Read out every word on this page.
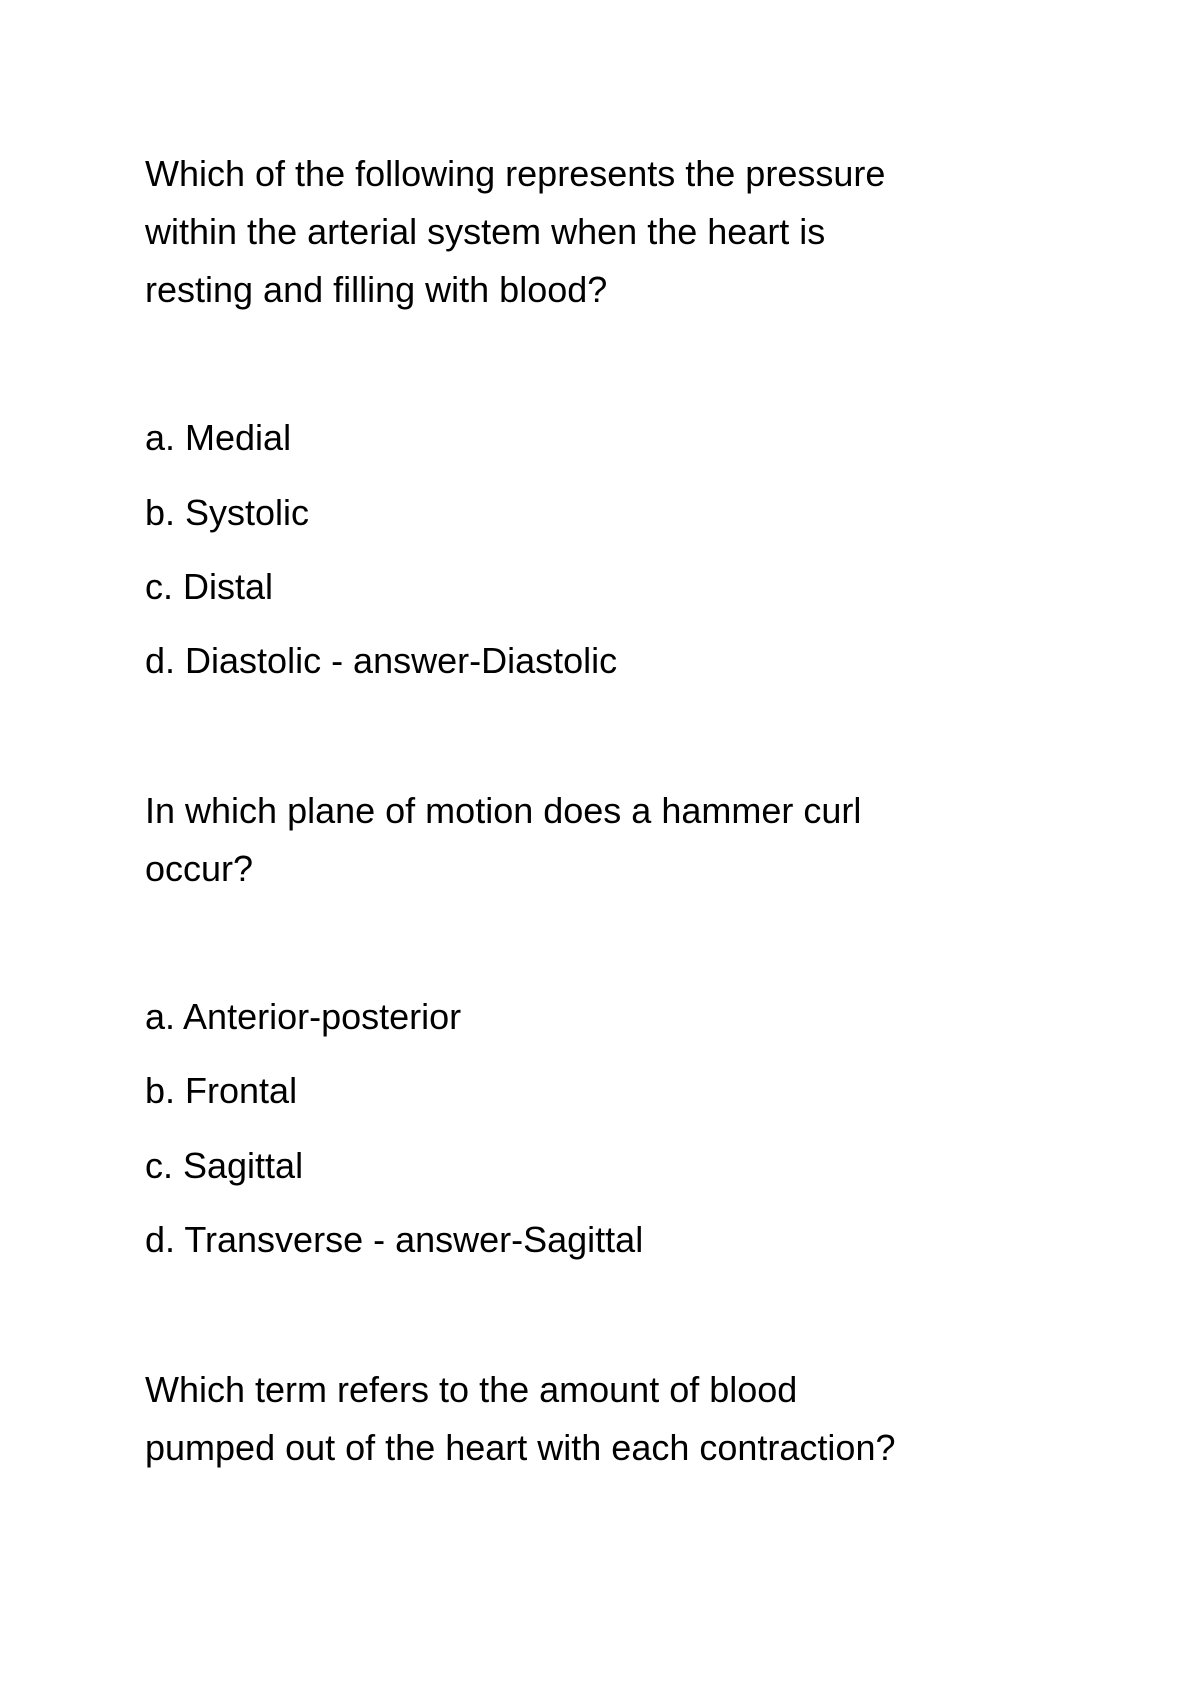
Which of the following represents the pressure
within the arterial system when the heart is
resting and filling with blood?
a. Medial
b. Systolic
c. Distal
d. Diastolic - answer-Diastolic
In which plane of motion does a hammer curl
occur?
a. Anterior-posterior
b. Frontal
c. Sagittal
d. Transverse - answer-Sagittal
Which term refers to the amount of blood
pumped out of the heart with each contraction?
